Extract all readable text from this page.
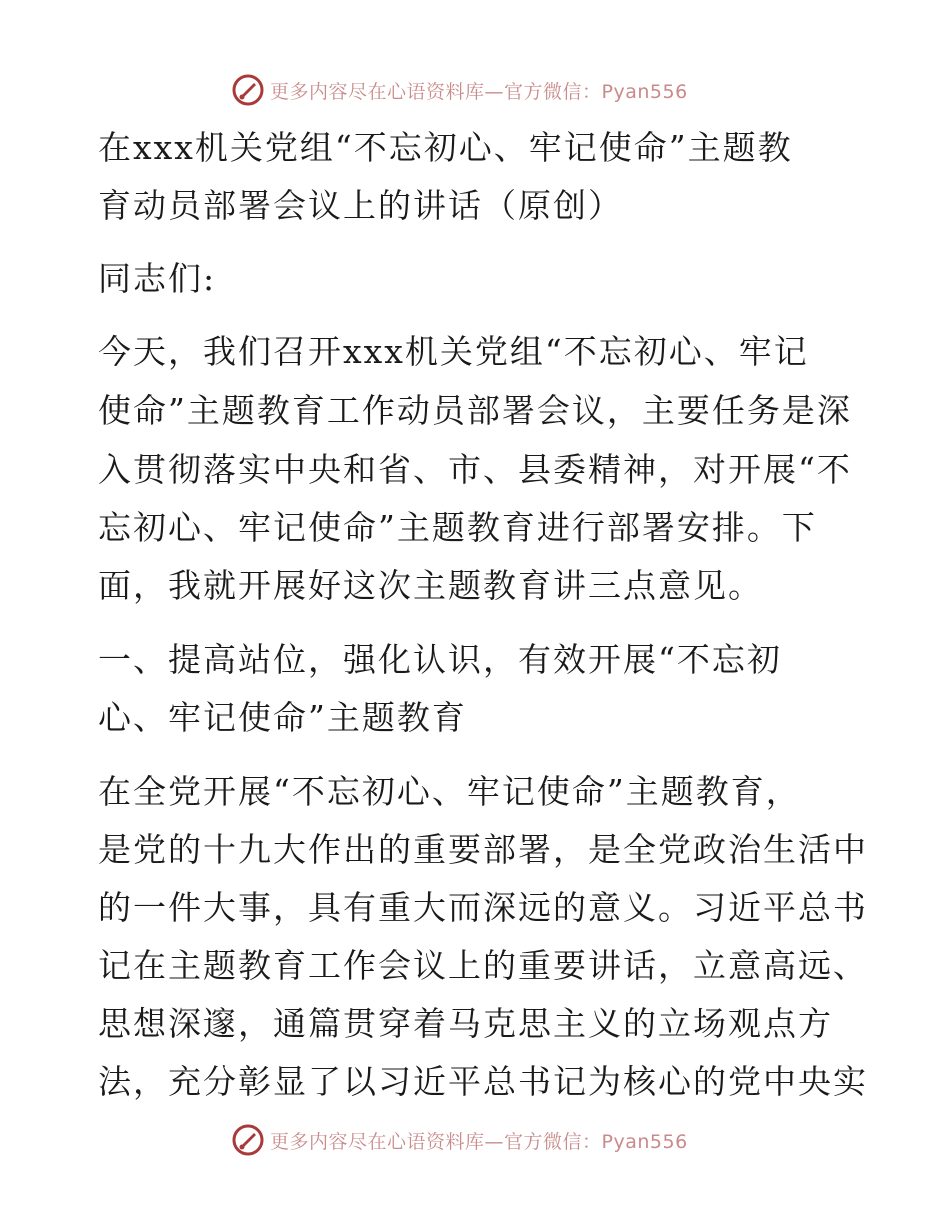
更多内容尽在心语资料库—官方微信：Pyan556
在xxx机关党组“不忘初心、牢记使命”主题教
育动员部署会议上的讲话（原创）
同志们:
今天，我们召开xxx机关党组“不忘初心、牢记
使命”主题教育工作动员部署会议，主要任务是深
入贯彻落实中央和省、市、县委精神，对开展“不
忘初心、牢记使命”主题教育进行部署安排。下
面，我就开展好这次主题教育讲三点意见。
一、提高站位，强化认识，有效开展“不忘初
心、牢记使命”主题教育
在全党开展“不忘初心、牢记使命”主题教育，
是党的十九大作出的重要部署，是全党政治生活中
的一件大事，具有重大而深远的意义。习近平总书
记在主题教育工作会议上的重要讲话，立意高远、
思想深邃，通篇贯穿着马克思主义的立场观点方
法，充分彰显了以习近平总书记为核心的党中央实
更多内容尽在心语资料库—官方微信：Pyan556
